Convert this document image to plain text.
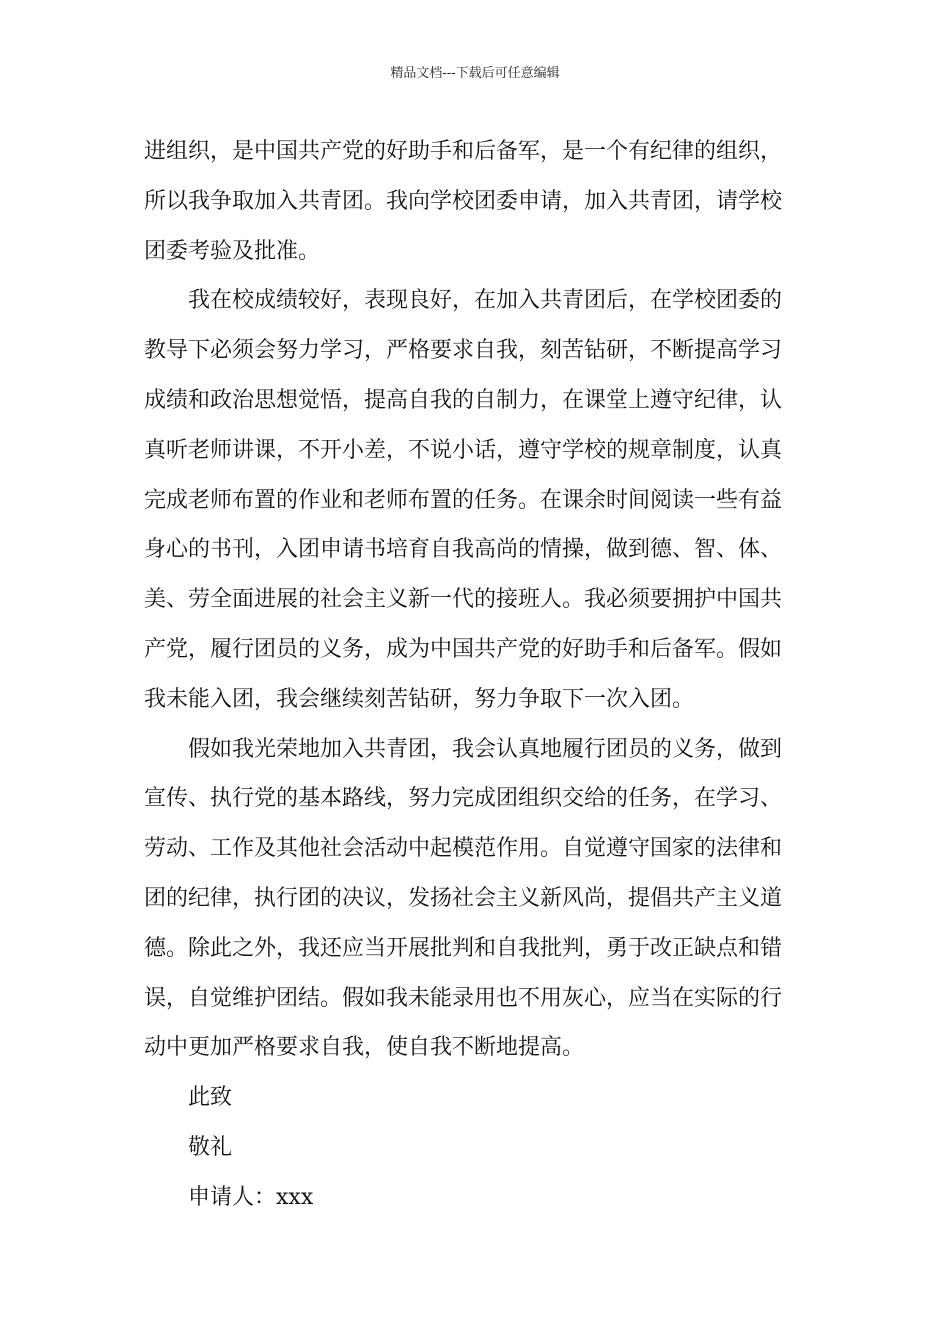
精品文档---下载后可任意编辑
进组织，是中国共产党的好助手和后备军，是一个有纪律的组织，
所以我争取加入共青团。我向学校团委申请，加入共青团，请学校
团委考验及批准。
我在校成绩较好，表现良好，在加入共青团后，在学校团委的
教导下必须会努力学习，严格要求自我，刻苦钻研，不断提高学习
成绩和政治思想觉悟，提高自我的自制力，在课堂上遵守纪律，认
真听老师讲课，不开小差，不说小话，遵守学校的规章制度，认真
完成老师布置的作业和老师布置的任务。在课余时间阅读一些有益
身心的书刊，入团申请书培育自我高尚的情操，做到德、智、体、
美、劳全面进展的社会主义新一代的接班人。我必须要拥护中国共
产党，履行团员的义务，成为中国共产党的好助手和后备军。假如
我未能入团，我会继续刻苦钻研，努力争取下一次入团。
假如我光荣地加入共青团，我会认真地履行团员的义务，做到
宣传、执行党的基本路线，努力完成团组织交给的任务，在学习、
劳动、工作及其他社会活动中起模范作用。自觉遵守国家的法律和
团的纪律，执行团的决议，发扬社会主义新风尚，提倡共产主义道
德。除此之外，我还应当开展批判和自我批判，勇于改正缺点和错
误，自觉维护团结。假如我未能录用也不用灰心，应当在实际的行
动中更加严格要求自我，使自我不断地提高。
此致
敬礼
申请人：xxx
